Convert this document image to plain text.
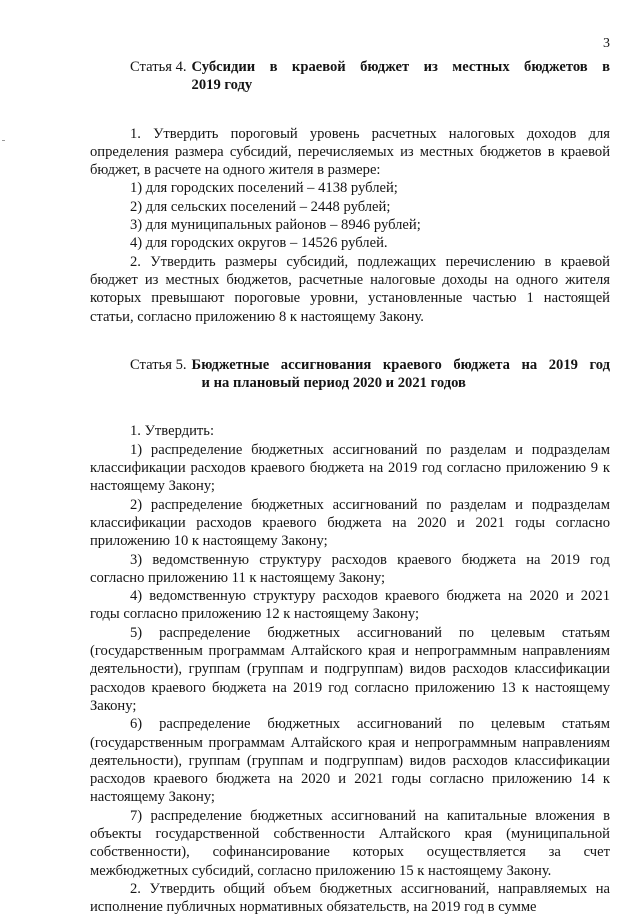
3
Статья 4. Субсидии в краевой бюджет из местных бюджетов в
2019 году

1. Утвердить пороговый уровень расчетных налоговых доходов для определения размера субсидий, перечисляемых из местных бюджетов в краевой бюджет, в расчете на одного жителя в размере:

1) для городских поселений – 4138 рублей;

2) для сельских поселений – 2448 рублей;

3) для муниципальных районов – 8946 рублей;

4) для городских округов – 14526 рублей.

2. Утвердить размеры субсидий, подлежащих перечислению в краевой бюджет из местных бюджетов, расчетные налоговые доходы на одного жителя которых превышают пороговые уровни, установленные частью 1 настоящей статьи, согласно приложению 8 к настоящему Закону.

Статья 5. Бюджетные ассигнования краевого бюджета на 2019 год
и на плановый период 2020 и 2021 годов

1. Утвердить:

1) распределение бюджетных ассигнований по разделам и подразделам классификации расходов краевого бюджета на 2019 год согласно приложению 9 к настоящему Закону;

2) распределение бюджетных ассигнований по разделам и подразделам классификации расходов краевого бюджета на 2020 и 2021 годы согласно приложению 10 к настоящему Закону;

3) ведомственную структуру расходов краевого бюджета на 2019 год согласно приложению 11 к настоящему Закону;

4) ведомственную структуру расходов краевого бюджета на 2020 и 2021 годы согласно приложению 12 к настоящему Закону;

5) распределение бюджетных ассигнований по целевым статьям (государственным программам Алтайского края и непрограммным направлениям деятельности), группам (группам и подгруппам) видов расходов классификации расходов краевого бюджета на 2019 год согласно приложению 13 к настоящему Закону;

6) распределение бюджетных ассигнований по целевым статьям (государственным программам Алтайского края и непрограммным направлениям деятельности), группам (группам и подгруппам) видов расходов классификации расходов краевого бюджета на 2020 и 2021 годы согласно приложению 14 к настоящему Закону;

7) распределение бюджетных ассигнований на капитальные вложения в объекты государственной собственности Алтайского края (муниципальной собственности), софинансирование которых осуществляется за счет межбюджетных субсидий, согласно приложению 15 к настоящему Закону.

2. Утвердить общий объем бюджетных ассигнований, направляемых на исполнение публичных нормативных обязательств, на 2019 год в сумме
